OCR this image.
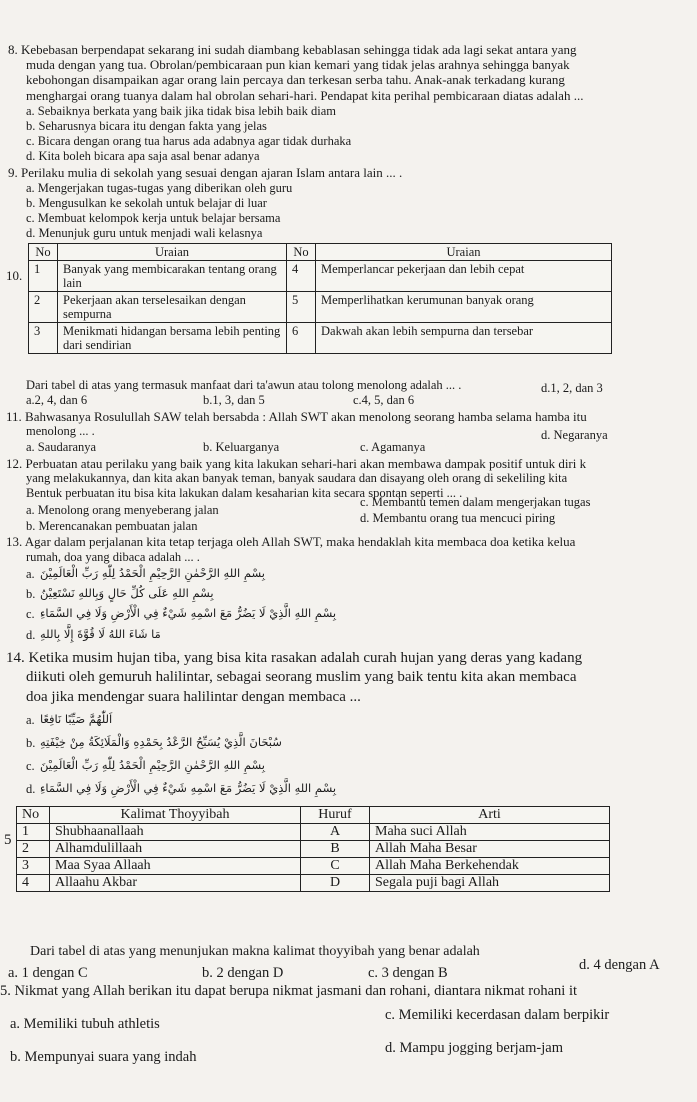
8. Kebebasan berpendapat sekarang ini sudah diambang kebablasan sehingga tidak ada lagi sekat antara yang
muda dengan yang tua. Obrolan/pembicaraan pun kian kemari yang tidak jelas arahnya sehingga banyak
kebohongan disampaikan agar orang lain percaya dan terkesan serba tahu. Anak-anak terkadang kurang
menghargai orang tuanya dalam hal obrolan sehari-hari. Pendapat kita perihal pembicaraan diatas adalah ...
a. Sebaiknya berkata yang baik jika tidak bisa lebih baik diam
b. Seharusnya bicara itu dengan fakta yang jelas
c. Bicara dengan orang tua harus ada adabnya agar tidak durhaka
d. Kita boleh bicara apa saja asal benar adanya
9. Perilaku mulia di sekolah yang sesuai dengan ajaran Islam antara lain ... .
a. Mengerjakan tugas-tugas yang diberikan oleh guru
b. Mengusulkan ke sekolah untuk belajar di luar
c. Membuat kelompok kerja untuk belajar bersama
d. Menunjuk guru untuk menjadi wali kelasnya
10.
No	Uraian	No	Uraian
1	Banyak yang membicarakan tentang orang lain	4	Memperlancar pekerjaan dan lebih cepat
2	Pekerjaan akan terselesaikan dengan sempurna	5	Memperlihatkan kerumunan banyak orang
3	Menikmati hidangan bersama lebih penting dari sendirian	6	Dakwah akan lebih sempurna dan tersebar
Dari tabel di atas yang termasuk manfaat dari ta'awun atau tolong menolong adalah ... .
a.2, 4, dan 6	b.1, 3, dan 5	c.4, 5, dan 6
d.1, 2, dan 3
11. Bahwasanya Rosulullah SAW telah bersabda : Allah SWT akan menolong seorang hamba selama hamba itu
menolong ... .
a. Saudaranya	b. Keluarganya	c. Agamanya
d. Negaranya
12. Perbuatan atau perilaku yang baik yang kita lakukan sehari-hari akan membawa dampak positif untuk diri k
yang melakukannya, dan kita akan banyak teman, banyak saudara dan disayang oleh orang di sekeliling kita
Bentuk perbuatan itu bisa kita lakukan dalam kesaharian kita secara spontan seperti ... .
a. Menolong orang menyeberang jalan
b. Merencanakan pembuatan jalan
c. Membantu temen dalam mengerjakan tugas
d. Membantu orang tua mencuci piring
13. Agar dalam perjalanan kita tetap terjaga oleh Allah SWT, maka hendaklah kita membaca doa ketika kelua
rumah, doa yang dibaca adalah ... .
a. بِسْمِ اللهِ الرَّحْمٰنِ الرَّحِيْمِ الْحَمْدُ لِلّٰهِ رَبِّ الْعَالَمِيْنَ
b. بِسْمِ اللهِ عَلَى كُلِّ حَالٍ وَبِاللهِ نَسْتَعِيْنُ
c. بِسْمِ اللهِ الَّذِيْ لَا يَضُرُّ مَعَ اسْمِهِ شَيْءٌ فِي الْأَرْضِ وَلَا فِي السَّمَاءِ
d. مَا شَاءَ اللهُ لَا قُوَّةَ إِلَّا بِاللهِ
14. Ketika musim hujan tiba, yang bisa kita rasakan adalah curah hujan yang deras yang kadang
diikuti oleh gemuruh halilintar, sebagai seorang muslim yang baik tentu kita akan membaca
doa jika mendengar suara halilintar dengan membaca ...
a. اَللّٰهُمَّ صَيِّبًا نَافِعًا
b. سُبْحَانَ الَّذِيْ يُسَبِّحُ الرَّعْدُ بِحَمْدِهِ وَالْمَلَائِكَةُ مِنْ خِيْفَتِهِ
c. بِسْمِ اللهِ الرَّحْمٰنِ الرَّحِيْمِ الْحَمْدُ لِلّٰهِ رَبِّ الْعَالَمِيْنَ
d. بِسْمِ اللهِ الَّذِيْ لَا يَضُرُّ مَعَ اسْمِهِ شَيْءٌ فِي الْأَرْضِ وَلَا فِي السَّمَاءِ
5
No	Kalimat Thoyyibah	Huruf	Arti
1	Shubhaanallaah	A	Maha suci Allah
2	Alhamdulillaah	B	Allah Maha Besar
3	Maa Syaa Allaah	C	Allah Maha Berkehendak
4	Allaahu Akbar	D	Segala puji bagi Allah
Dari tabel di atas yang menunjukan makna kalimat thoyyibah yang benar adalah
a. 1 dengan C	b. 2 dengan D	c. 3 dengan B	d. 4 dengan A
5. Nikmat yang Allah berikan itu dapat berupa nikmat jasmani dan rohani, diantara nikmat rohani it
a. Memiliki tubuh athletis
b. Mempunyai suara yang indah
c. Memiliki kecerdasan dalam berpikir
d. Mampu jogging berjam-jam
